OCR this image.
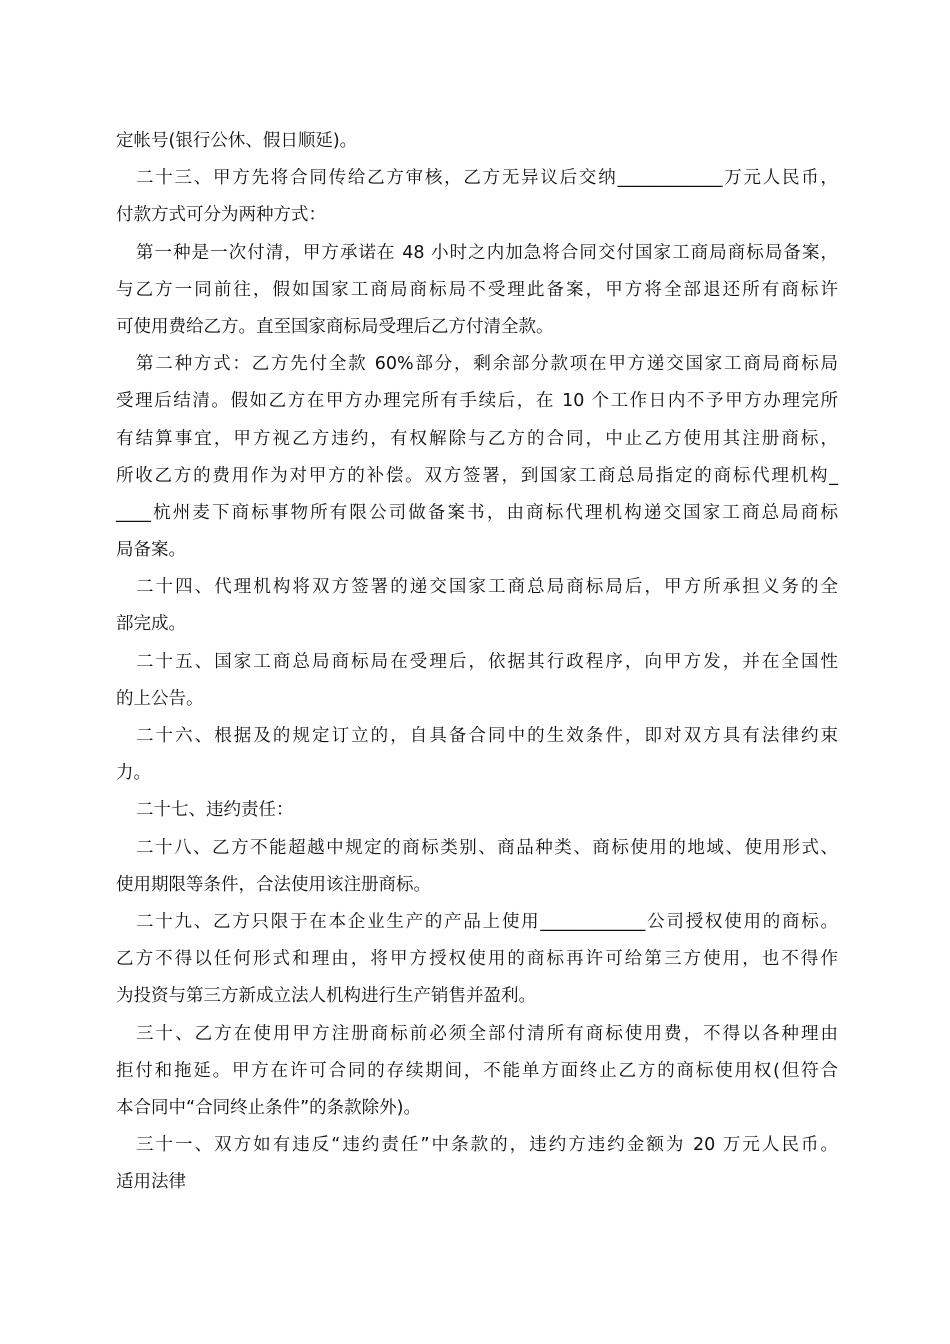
定帐号(银行公休、假日顺延)。
二十三、甲方先将合同传给乙方审核，乙方无异议后交纳____________万元人民币，
付款方式可分为两种方式：
第一种是一次付清，甲方承诺在 48 小时之内加急将合同交付国家工商局商标局备案，
与乙方一同前往，假如国家工商局商标局不受理此备案，甲方将全部退还所有商标许
可使用费给乙方。直至国家商标局受理后乙方付清全款。
第二种方式：乙方先付全款 60%部分，剩余部分款项在甲方递交国家工商局商标局
受理后结清。假如乙方在甲方办理完所有手续后，在 10 个工作日内不予甲方办理完所
有结算事宜，甲方视乙方违约，有权解除与乙方的合同，中止乙方使用其注册商标，
所收乙方的费用作为对甲方的补偿。双方签署，到国家工商总局指定的商标代理机构_
____杭州麦下商标事物所有限公司做备案书，由商标代理机构递交国家工商总局商标
局备案。
二十四、代理机构将双方签署的递交国家工商总局商标局后，甲方所承担义务的全
部完成。
二十五、国家工商总局商标局在受理后，依据其行政程序，向甲方发，并在全国性
的上公告。
二十六、根据及的规定订立的，自具备合同中的生效条件，即对双方具有法律约束
力。
二十七、违约责任：
二十八、乙方不能超越中规定的商标类别、商品种类、商标使用的地域、使用形式、
使用期限等条件，合法使用该注册商标。
二十九、乙方只限于在本企业生产的产品上使用____________公司授权使用的商标。
乙方不得以任何形式和理由，将甲方授权使用的商标再许可给第三方使用，也不得作
为投资与第三方新成立法人机构进行生产销售并盈利。
三十、乙方在使用甲方注册商标前必须全部付清所有商标使用费，不得以各种理由
拒付和拖延。甲方在许可合同的存续期间，不能单方面终止乙方的商标使用权(但符合
本合同中“合同终止条件”的条款除外)。
三十一、双方如有违反“违约责任”中条款的，违约方违约金额为 20 万元人民币。
适用法律
